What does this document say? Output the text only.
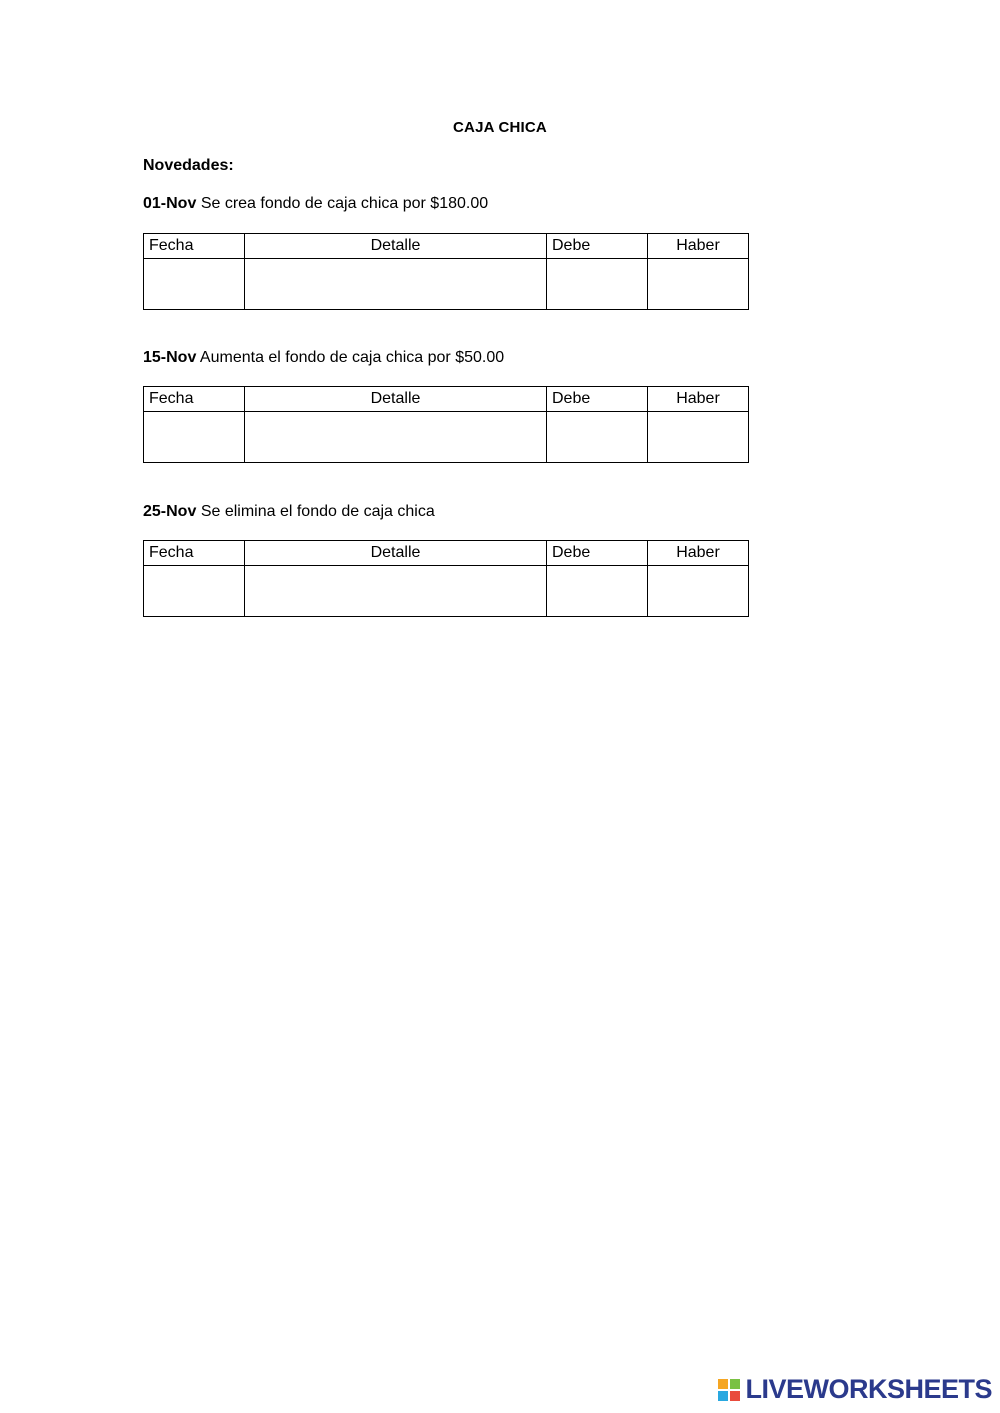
CAJA CHICA
Novedades:
01-Nov Se crea fondo de caja chica por $180.00
Fecha	Detalle	Debe	Haber

15-Nov Aumenta el fondo de caja chica por $50.00
Fecha	Detalle	Debe	Haber

25-Nov Se elimina el fondo de caja chica
Fecha	Detalle	Debe	Haber

LIVEWORKSHEETS
